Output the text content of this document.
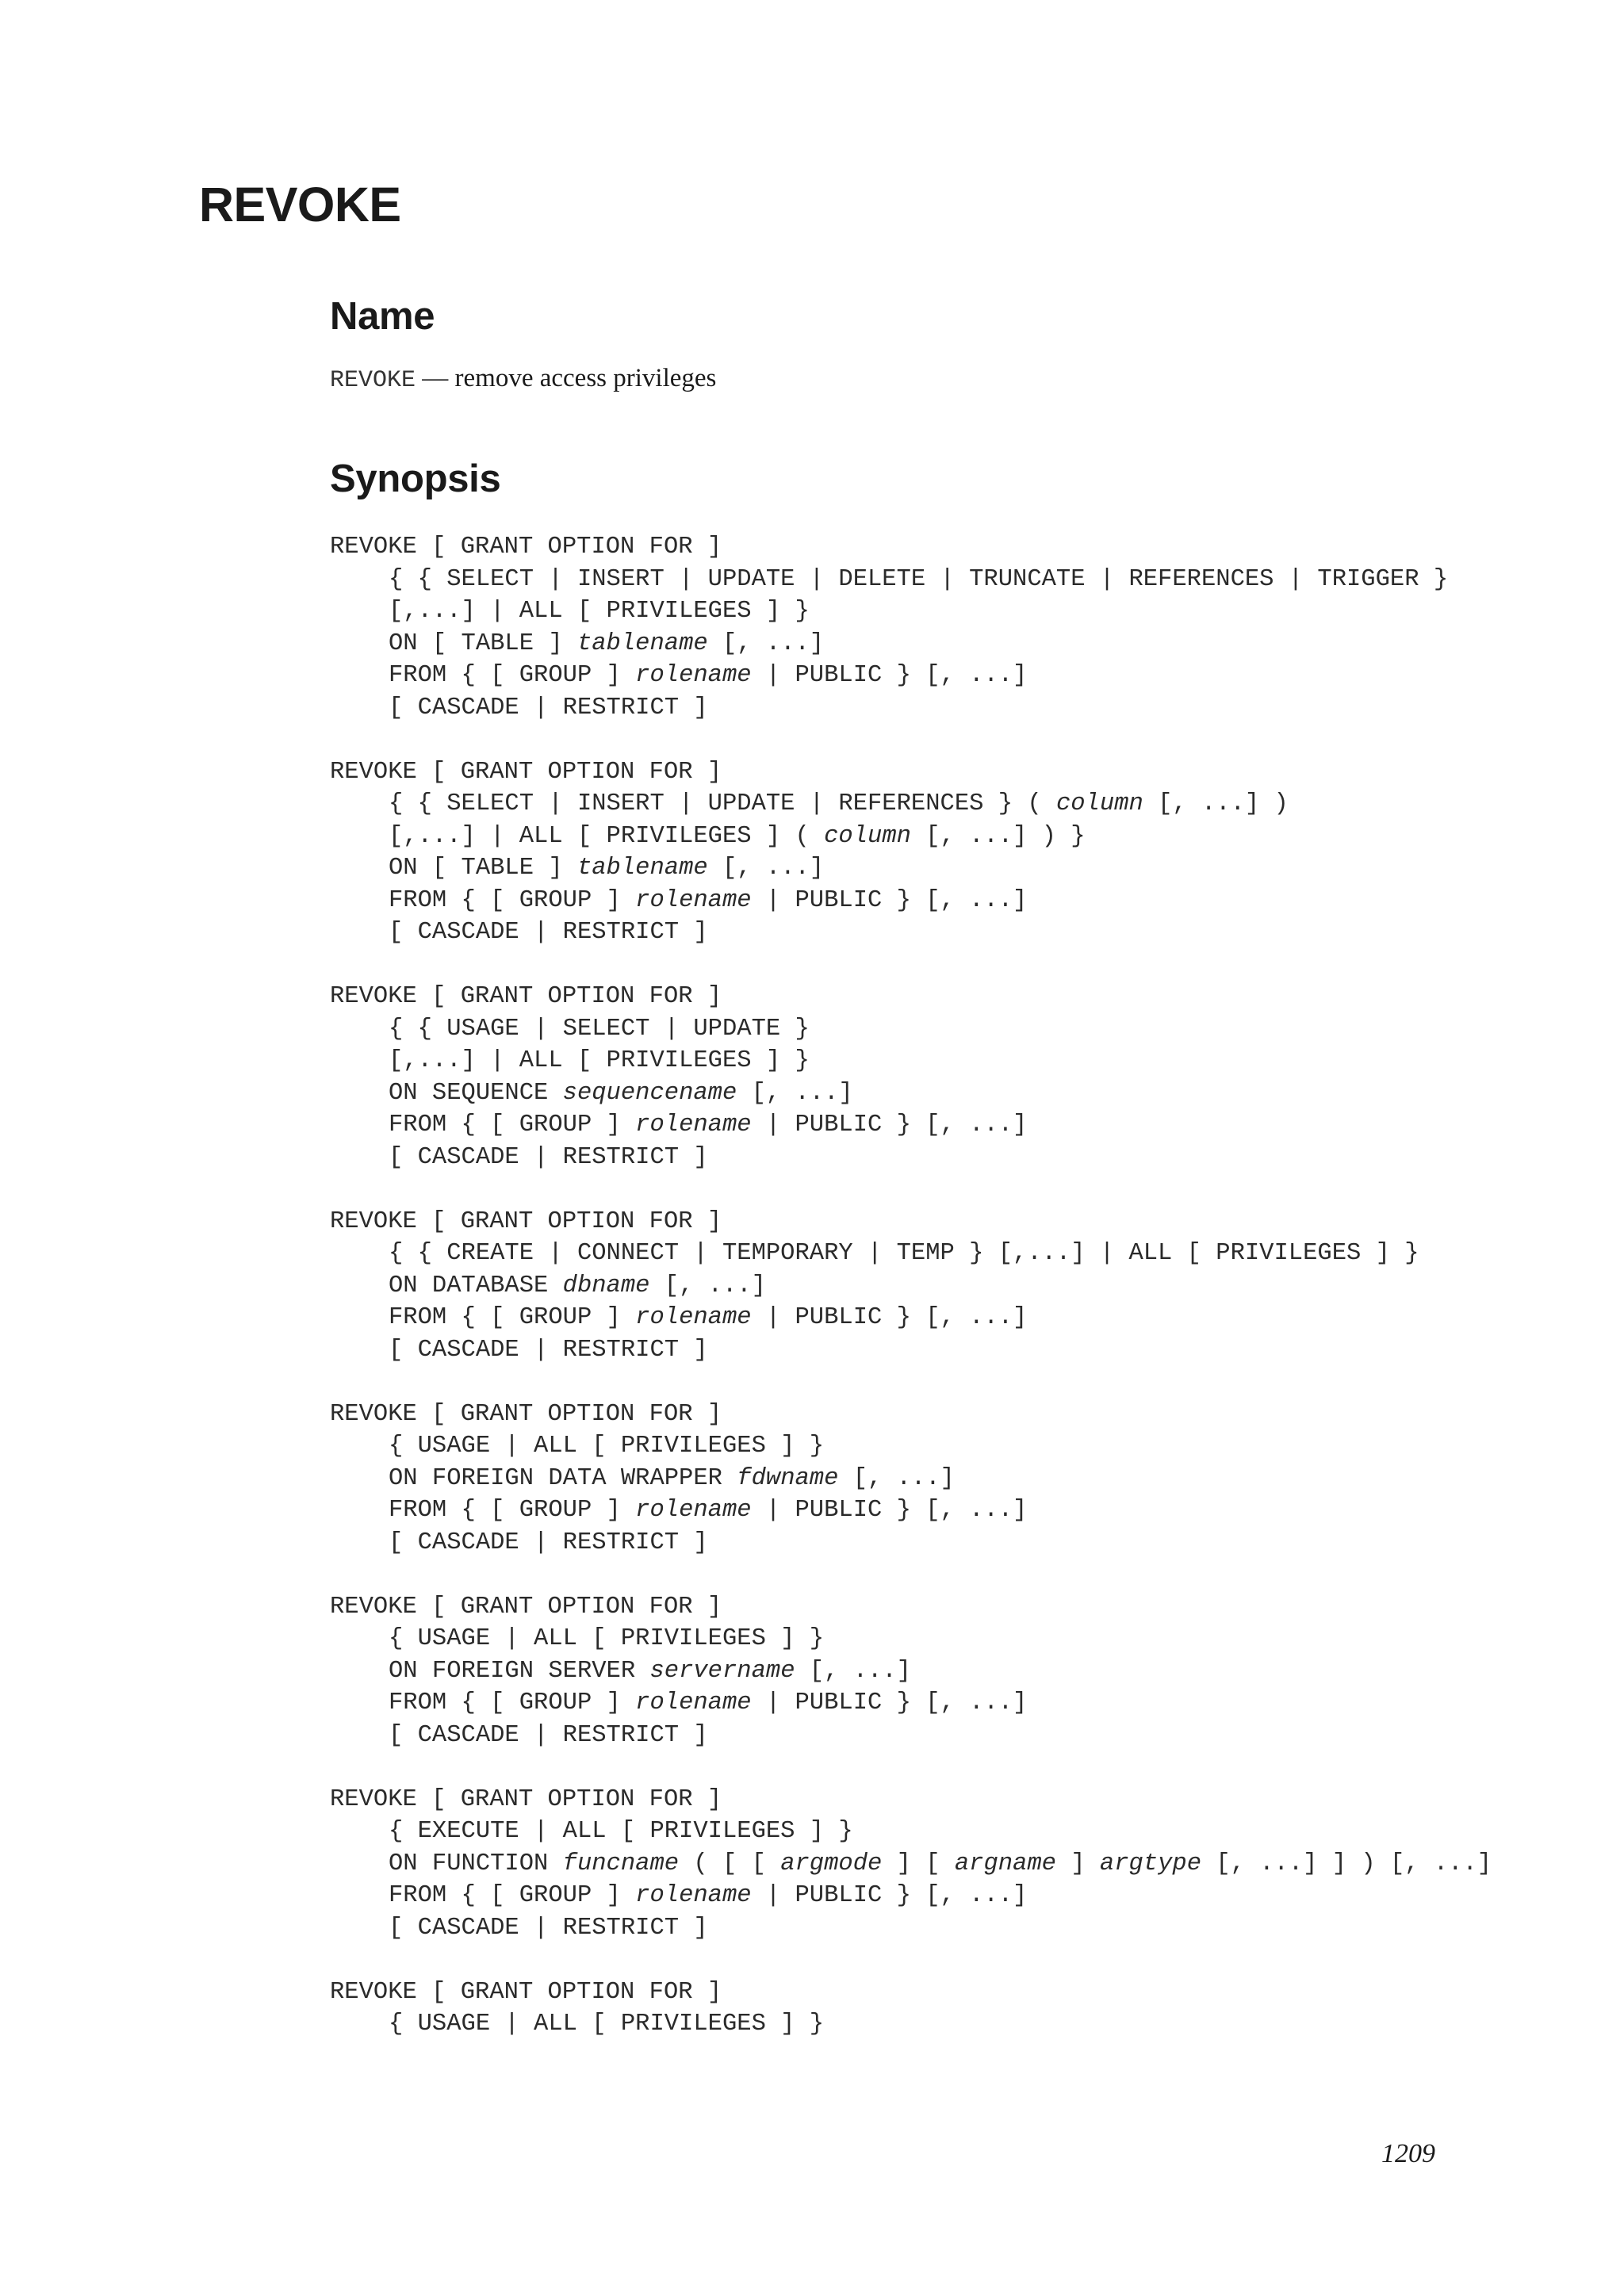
REVOKE
Name

REVOKE — remove access privileges

Synopsis
REVOKE [ GRANT OPTION FOR ]
{ { SELECT | INSERT | UPDATE | DELETE | TRUNCATE | REFERENCES | TRIGGER }
[,...] | ALL [ PRIVILEGES ] }
ON [ TABLE ] tablename [, ...]
FROM { [ GROUP ] rolename | PUBLIC } [, ...]
[ CASCADE | RESTRICT ]
REVOKE [ GRANT OPTION FOR ]
{ { SELECT | INSERT | UPDATE | REFERENCES } ( column [, ...] )
[,...] | ALL [ PRIVILEGES ] ( column [, ...] ) }
ON [ TABLE ] tablename [, ...]
FROM { [ GROUP ] rolename | PUBLIC } [, ...]
[ CASCADE | RESTRICT ]
REVOKE [ GRANT OPTION FOR ]
{ { USAGE | SELECT | UPDATE }
[,...] | ALL [ PRIVILEGES ] }
ON SEQUENCE sequencename [, ...]
FROM { [ GROUP ] rolename | PUBLIC } [, ...]
[ CASCADE | RESTRICT ]
REVOKE [ GRANT OPTION FOR ]
{ { CREATE | CONNECT | TEMPORARY | TEMP } [,...] | ALL [ PRIVILEGES ] }
ON DATABASE dbname [, ...]
FROM { [ GROUP ] rolename | PUBLIC } [, ...]
[ CASCADE | RESTRICT ]
REVOKE [ GRANT OPTION FOR ]
{ USAGE | ALL [ PRIVILEGES ] }
ON FOREIGN DATA WRAPPER fdwname [, ...]
FROM { [ GROUP ] rolename | PUBLIC } [, ...]
[ CASCADE | RESTRICT ]
REVOKE [ GRANT OPTION FOR ]
{ USAGE | ALL [ PRIVILEGES ] }
ON FOREIGN SERVER servername [, ...]
FROM { [ GROUP ] rolename | PUBLIC } [, ...]
[ CASCADE | RESTRICT ]
REVOKE [ GRANT OPTION FOR ]
{ EXECUTE | ALL [ PRIVILEGES ] }
ON FUNCTION funcname ( [ [ argmode ] [ argname ] argtype [, ...] ] ) [, ...]
FROM { [ GROUP ] rolename | PUBLIC } [, ...]
[ CASCADE | RESTRICT ]
REVOKE [ GRANT OPTION FOR ]
{ USAGE | ALL [ PRIVILEGES ] }
1209
